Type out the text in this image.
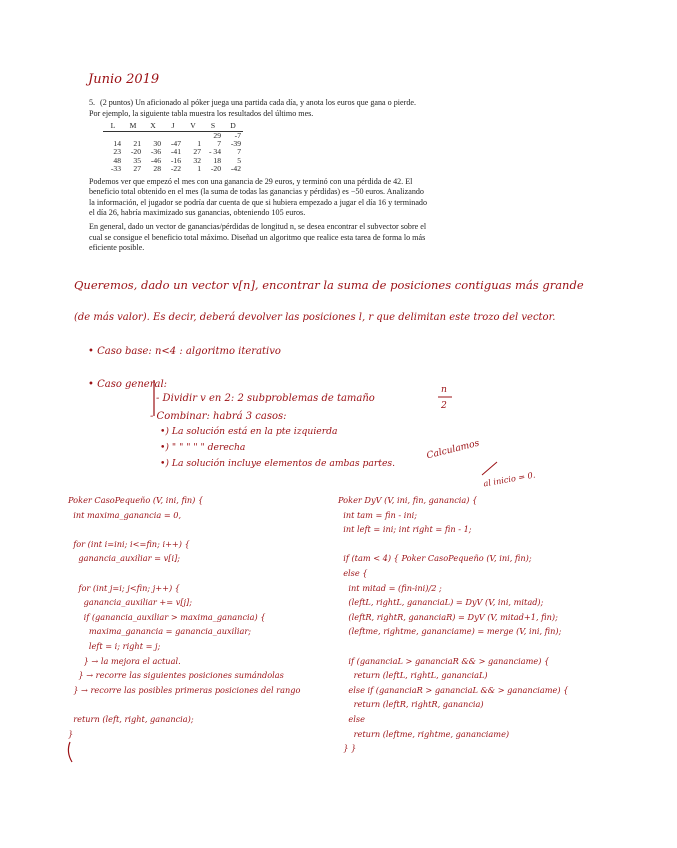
Junio 2019

5. (2 puntos) Un aficionado al póker juega una partida cada día, y anota los euros que gana o pierde. Por ejemplo, la siguiente tabla muestra los resultados del último mes.

L	M	X	J	V	S	D
					29	-7
14	21	30	-47	1	7	-39
23	-20	-36	-41	27	- 34	7
48	35	-46	-16	32	18	5
-33	27	28	-22	1	-20	-42

Podemos ver que empezó el mes con una ganancia de 29 euros, y terminó con una pérdida de 42. El beneficio total obtenido en el mes (la suma de todas las ganancias y pérdidas) es −50 euros. Analizando la información, el jugador se podría dar cuenta de que si hubiera empezado a jugar el día 16 y terminado el día 26, habría maximizado sus ganancias, obteniendo 105 euros.

En general, dado un vector de ganancias/pérdidas de longitud n, se desea encontrar el subvector sobre el cual se consigue el beneficio total máximo. Diseñad un algoritmo que realice esta tarea de forma lo más eficiente posible.

Queremos, dado un vector v[n], encontrar la suma de posiciones contiguas más grande
(de más valor). Es decir, deberá devolver las posiciones l, r que delimitan este trozo del vector.
• Caso base: n<4 : algoritmo iterativo
• Caso general:
- Dividir v en 2: 2 subproblemas de tamaño
n
2
- Combinar: habrá 3 casos:
•) La solución está en la pte izquierda
•) " " " " " derecha
•) La solución incluye elementos de ambas partes.
Calculamos
al inicio = 0.
Poker CasoPequeño (V, ini, fin) {
int maxima_ganancia = 0,
for (int i=ini; i<=fin; i++) {
ganancia_auxiliar = v[i];
for (int j=i; j<fin; j++) {
ganancia_auxiliar += v[j];
if (ganancia_auxiliar > maxima_ganancia) {
maxima_ganancia = ganancia_auxiliar;
left = i; right = j;
} → la mejora el actual.
} → recorre las siguientes posiciones sumándolas
} → recorre las posibles primeras posiciones del rango
return (left, right, ganancia);
}
Poker DyV (V, ini, fin, ganancia) {
int tam = fin - ini;
int left = ini; int right = fin - 1;
if (tam < 4) { Poker CasoPequeño (V, ini, fin);
else {
int mitad = (fin-ini)/2 ;
(leftL, rightL, gananciaL) = DyV (V, ini, mitad);
(leftR, rightR, gananciaR) = DyV (V, mitad+1, fin);
(leftme, rightme, gananciame) = merge (V, ini, fin);
if (gananciaL > gananciaR && > gananciame) {
return (leftL, rightL, gananciaL)
else if (gananciaR > gananciaL && > gananciame) {
return (leftR, rightR, ganancia)
else
return (leftme, rightme, gananciame)
} }
